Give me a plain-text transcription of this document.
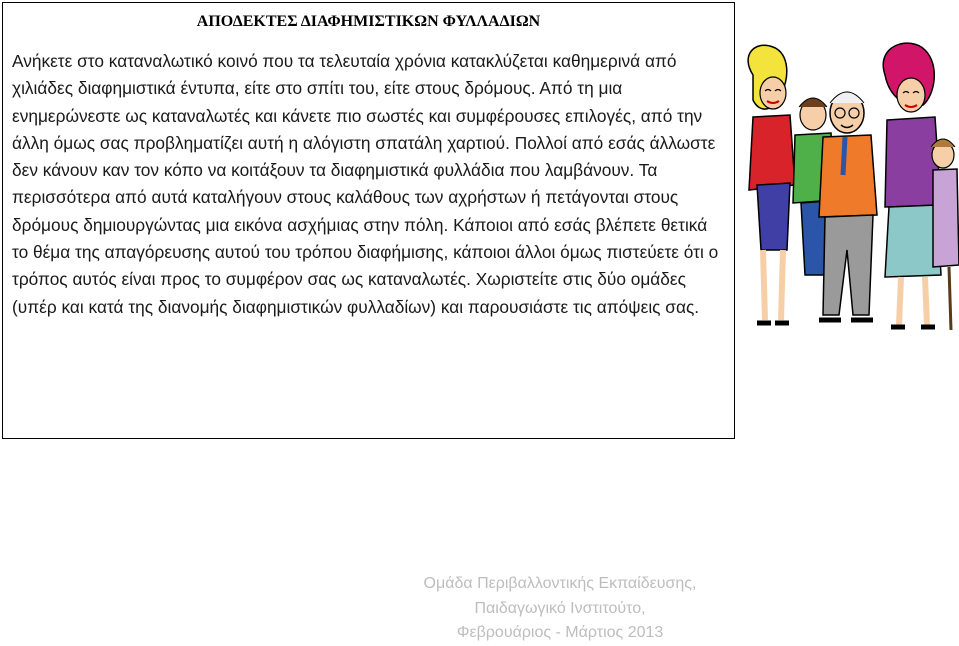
ΑΠΟΔΕΚΤΕΣ ΔΙΑΦΗΜΙΣΤΙΚΩΝ ΦΥΛΛΑΔΙΩΝ

Ανήκετε στο καταναλωτικό κοινό που τα τελευταία χρόνια κατακλύζεται καθημερινά από χιλιάδες διαφημιστικά έντυπα, είτε στο σπίτι του, είτε στους δρόμους. Από τη μια ενημερώνεστε ως καταναλωτές και κάνετε πιο σωστές και συμφέρουσες επιλογές, από την άλλη όμως σας προβληματίζει αυτή η αλόγιστη σπατάλη χαρτιού. Πολλοί από εσάς άλλωστε δεν κάνουν καν τον κόπο να κοιτάξουν τα διαφημιστικά φυλλάδια που λαμβάνουν. Τα περισσότερα από αυτά καταλήγουν στους καλάθους των αχρήστων ή πετάγονται στους δρόμους δημιουργώντας μια εικόνα ασχήμιας στην πόλη. Κάποιοι από εσάς βλέπετε θετικά το θέμα της απαγόρευσης αυτού του τρόπου διαφήμισης, κάποιοι άλλοι όμως πιστεύετε ότι ο τρόπος αυτός είναι προς το συμφέρον σας ως καταναλωτές. Χωριστείτε στις δύο ομάδες (υπέρ και κατά της διανομής διαφημιστικών φυλλαδίων) και παρουσιάστε τις απόψεις σας.

Ομάδα Περιβαλλοντικής Εκπαίδευσης,
Παιδαγωγικό Ινστιτούτο,
Φεβρουάριος - Μάρτιος 2013
